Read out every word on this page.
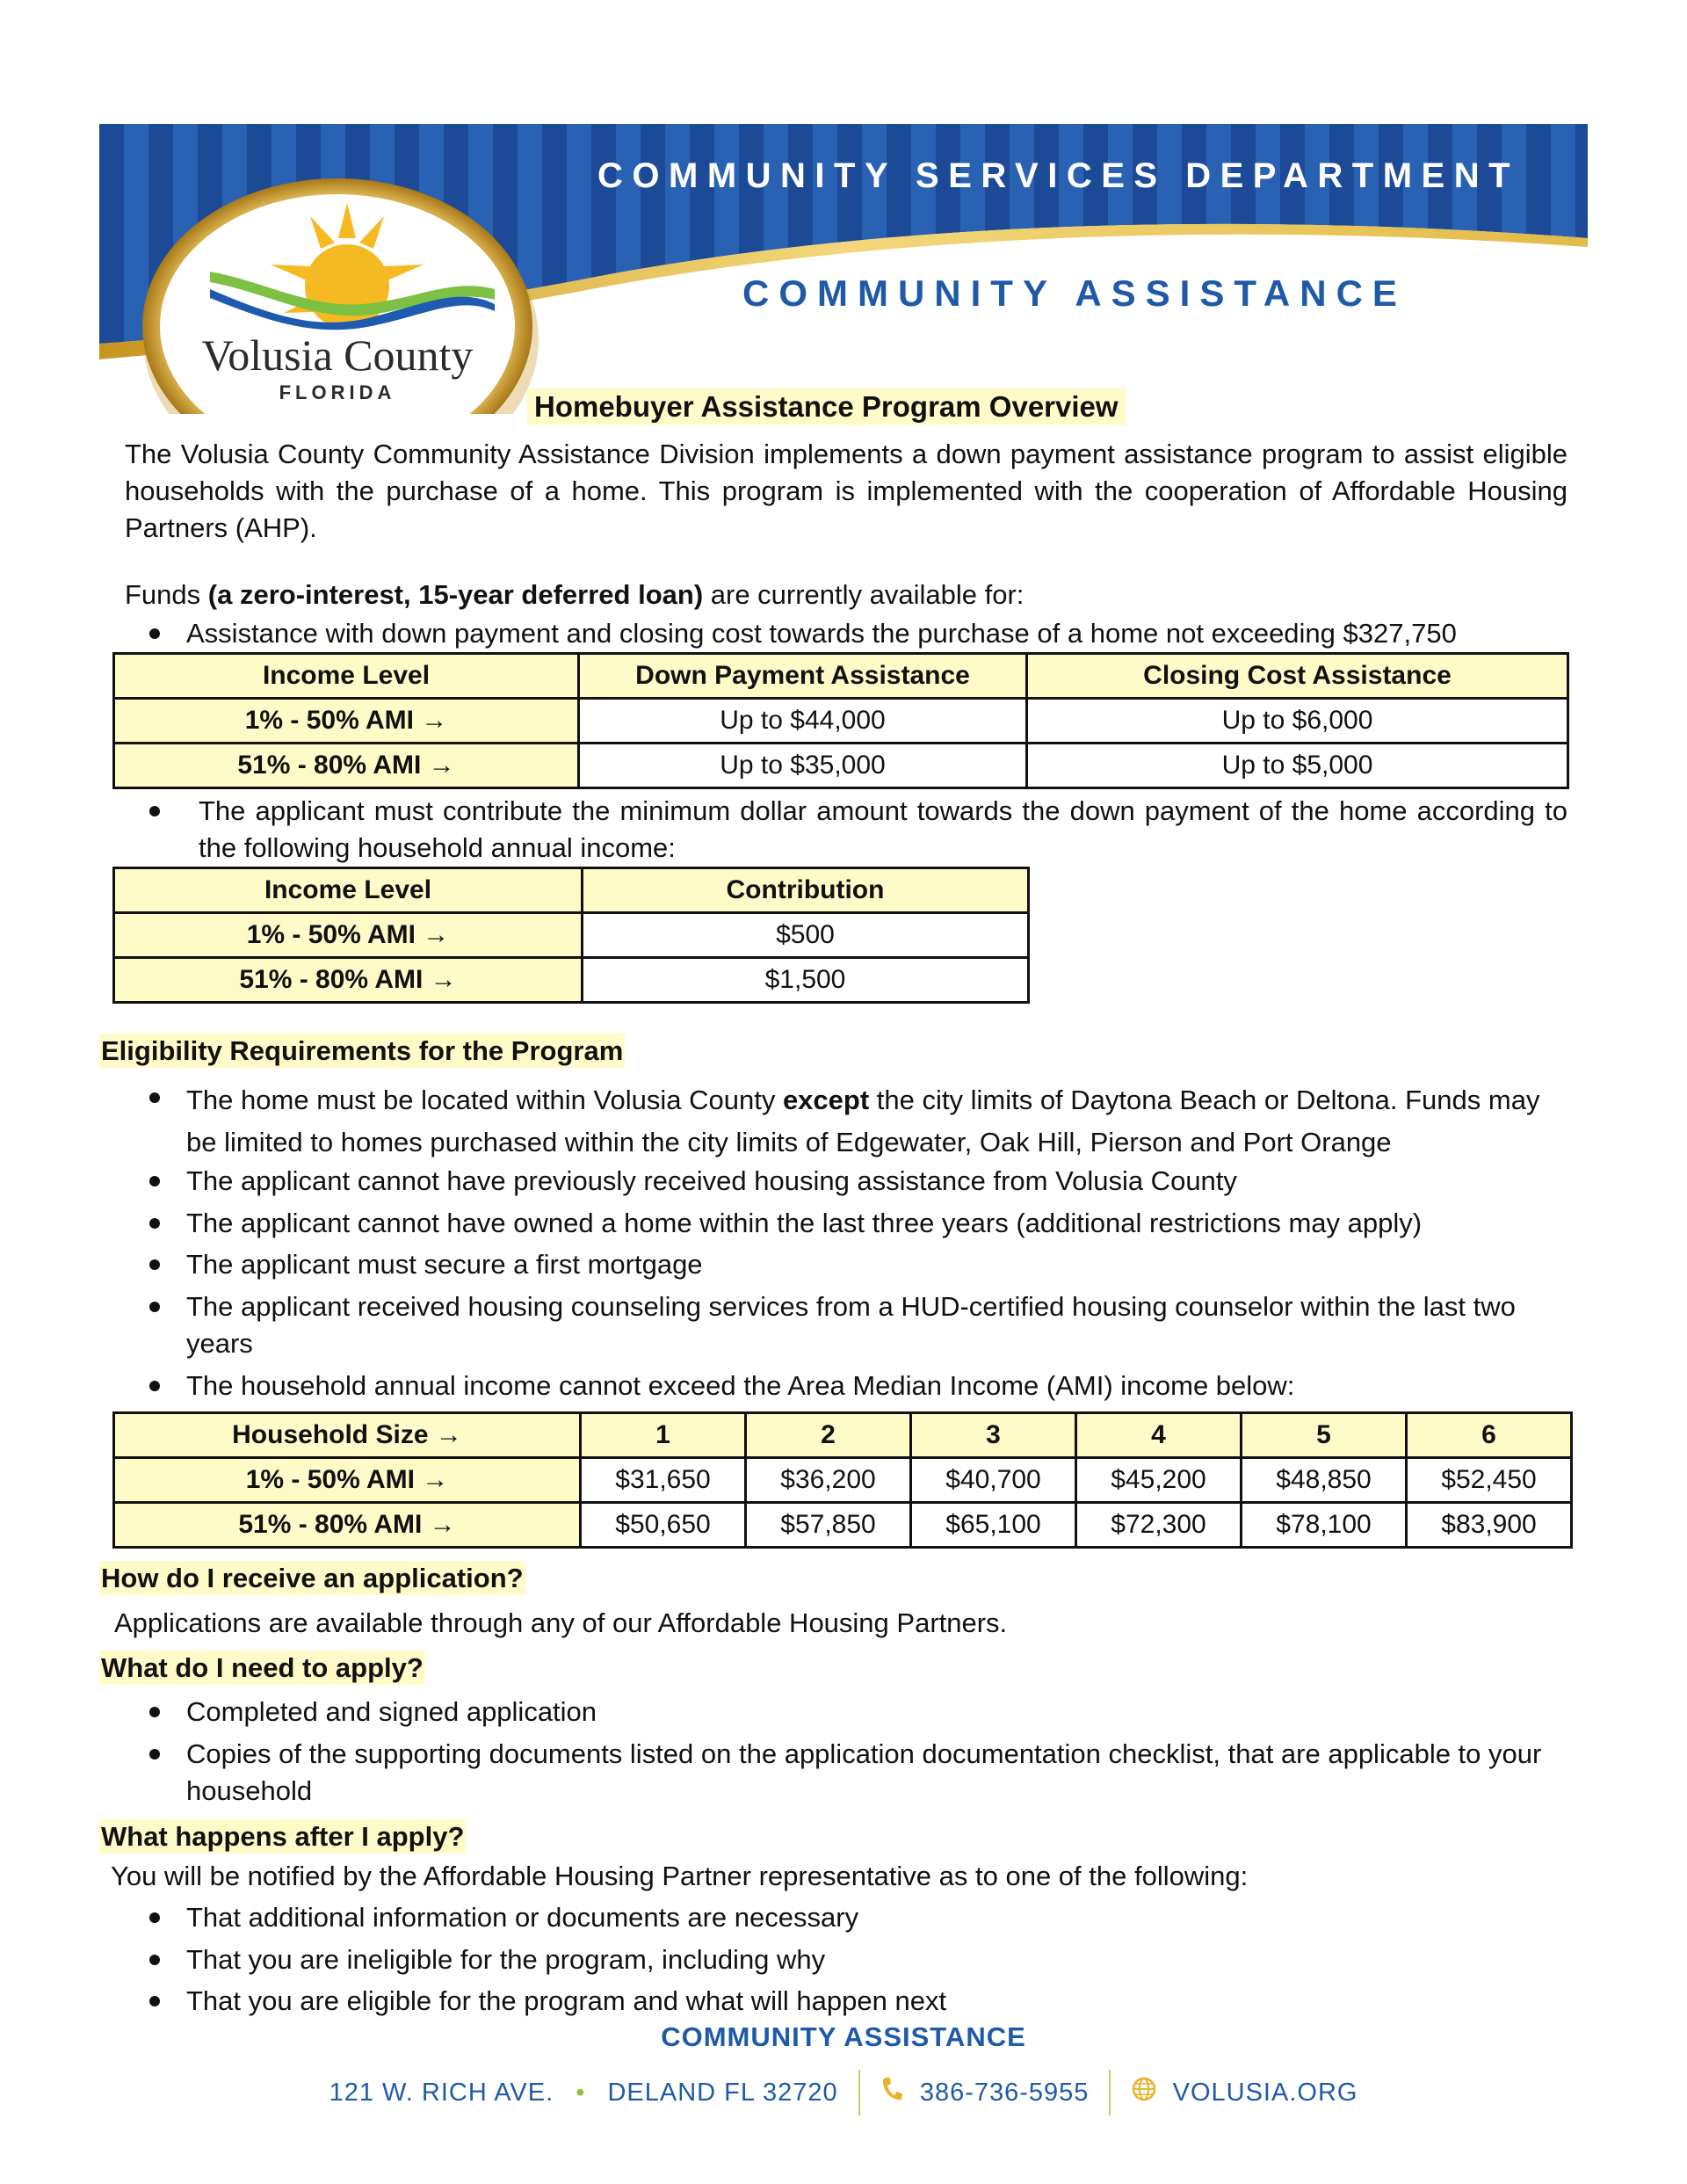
Volusia County
FLORIDA
COMMUNITY SERVICES DEPARTMENT
COMMUNITY ASSISTANCE
Homebuyer Assistance Program Overview
The Volusia County Community Assistance Division implements a down payment assistance program to assist eligible households with the purchase of a home. This program is implemented with the cooperation of Affordable Housing Partners (AHP).
Funds (a zero-interest, 15-year deferred loan) are currently available for:
Assistance with down payment and closing cost towards the purchase of a home not exceeding $327,750
Income Level	Down Payment Assistance	Closing Cost Assistance
1% - 50% AMI →	Up to $44,000	Up to $6,000
51% - 80% AMI →	Up to $35,000	Up to $5,000
The applicant must contribute the minimum dollar amount towards the down payment of the home according to the following household annual income:
Income Level	Contribution
1% - 50% AMI →	$500
51% - 80% AMI →	$1,500
Eligibility Requirements for the Program
The home must be located within Volusia County except the city limits of Daytona Beach or Deltona. Funds may be limited to homes purchased within the city limits of Edgewater, Oak Hill, Pierson and Port Orange
The applicant cannot have previously received housing assistance from Volusia County
The applicant cannot have owned a home within the last three years (additional restrictions may apply)
The applicant must secure a first mortgage
The applicant received housing counseling services from a HUD-certified housing counselor within the last two years
The household annual income cannot exceed the Area Median Income (AMI) income below:
Household Size →	1	2	3	4	5	6
1% - 50% AMI →	$31,650	$36,200	$40,700	$45,200	$48,850	$52,450
51% - 80% AMI →	$50,650	$57,850	$65,100	$72,300	$78,100	$83,900
How do I receive an application?
Applications are available through any of our Affordable Housing Partners.
What do I need to apply?
Completed and signed application
Copies of the supporting documents listed on the application documentation checklist, that are applicable to your household
What happens after I apply?
You will be notified by the Affordable Housing Partner representative as to one of the following:
That additional information or documents are necessary
That you are ineligible for the program, including why
That you are eligible for the program and what will happen next
COMMUNITY ASSISTANCE
121 W. RICH AVE. • DELAND FL 32720	386-736-5955	VOLUSIA.ORG
